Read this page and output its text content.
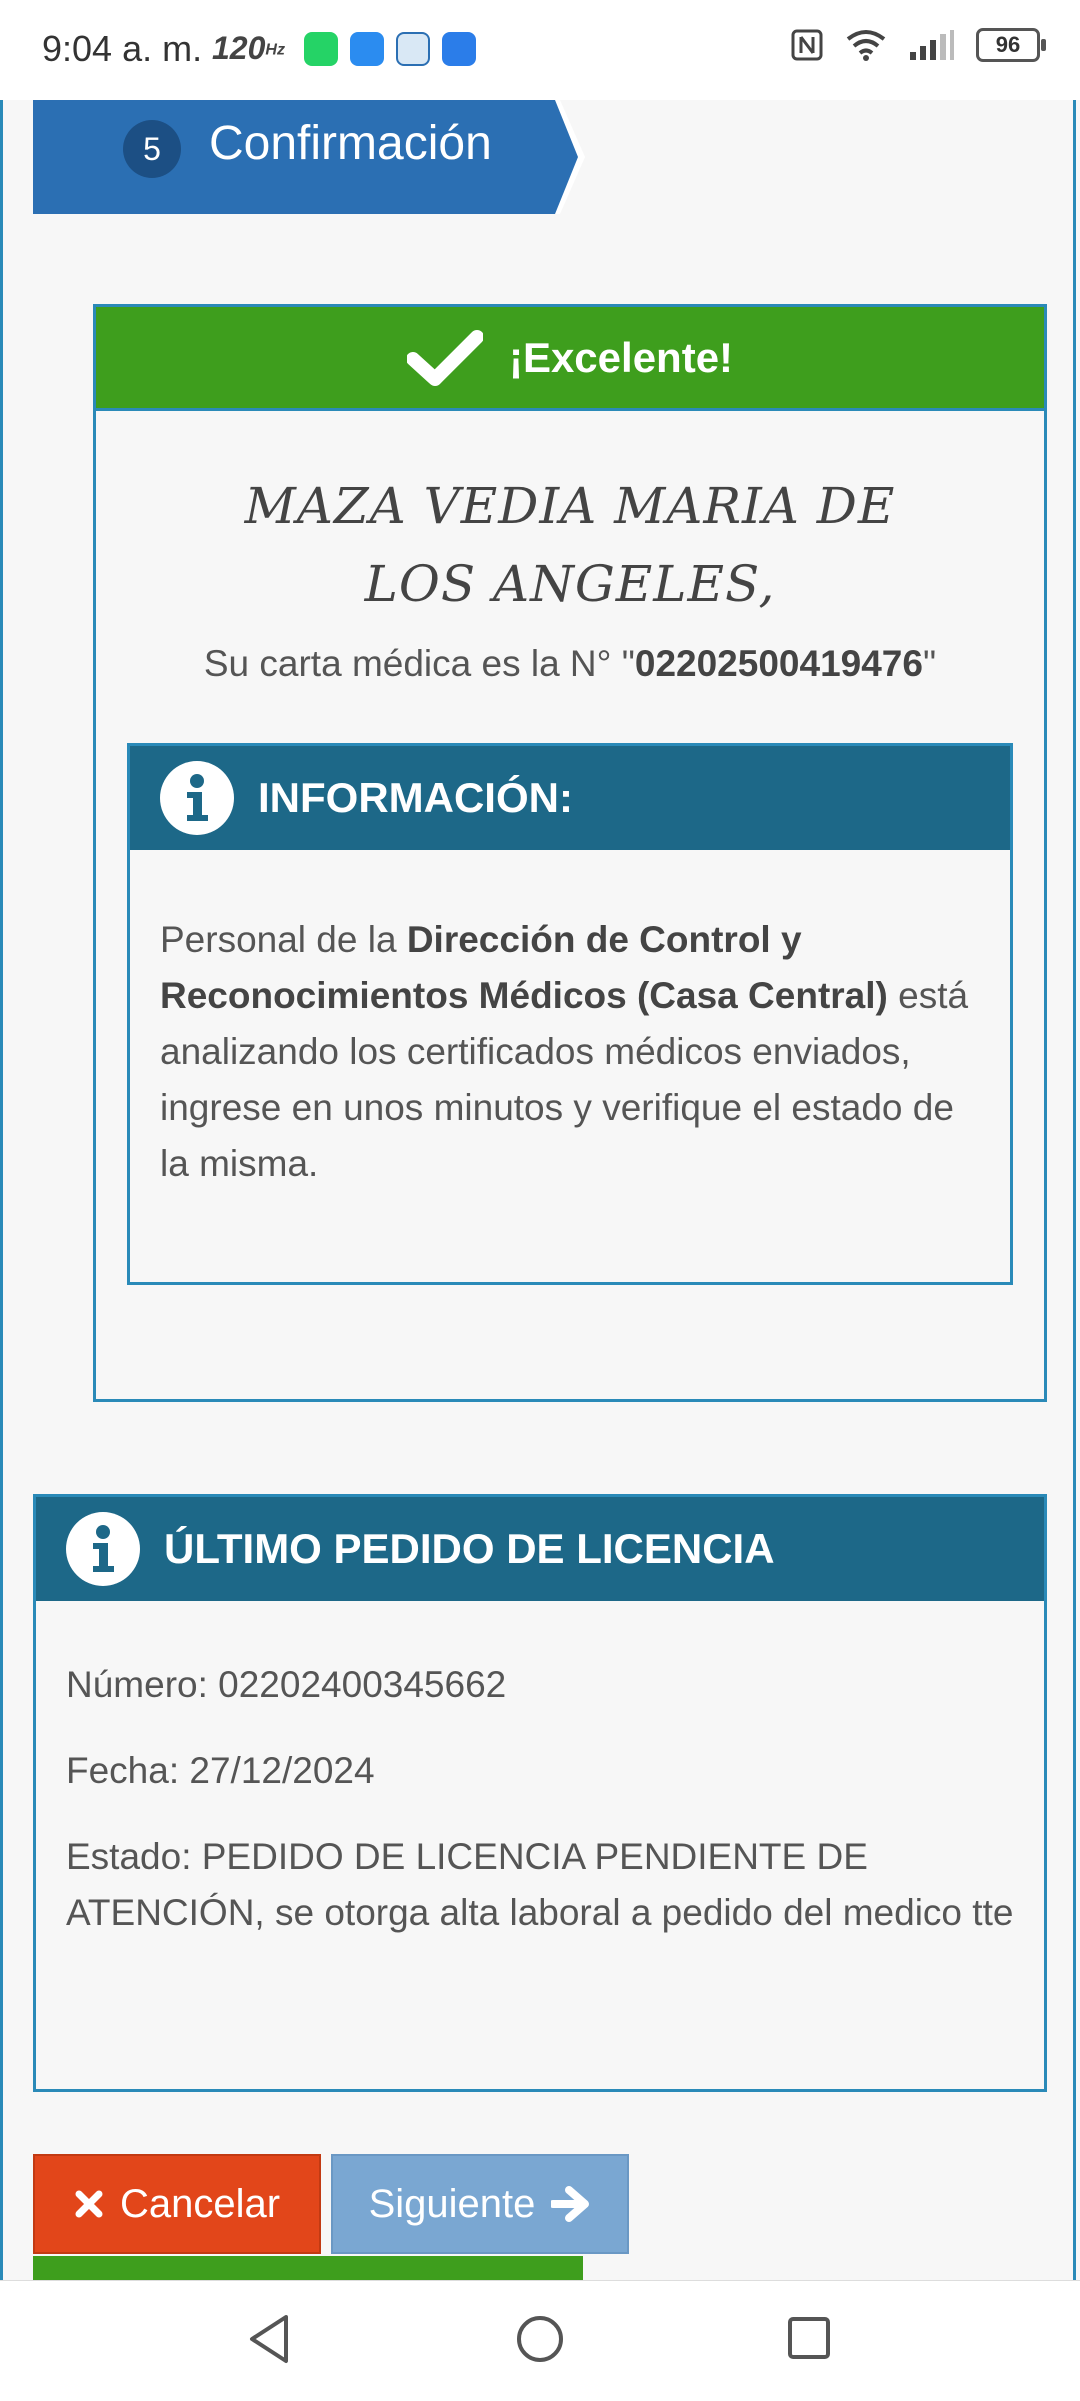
9:04 a. m. 120Hz	96
5	Confirmación
¡Excelente!
MAZA VEDIA MARIA DE LOS ANGELES,
Su carta médica es la N° "02202500419476"
INFORMACIÓN:
Personal de la Dirección de Control y Reconocimientos Médicos (Casa Central) está analizando los certificados médicos enviados, ingrese en unos minutos y verifique el estado de la misma.
ÚLTIMO PEDIDO DE LICENCIA
Número: 02202400345662
Fecha: 27/12/2024
Estado: PEDIDO DE LICENCIA PENDIENTE DE ATENCIÓN, se otorga alta laboral a pedido del medico tte
Cancelar Siguiente
